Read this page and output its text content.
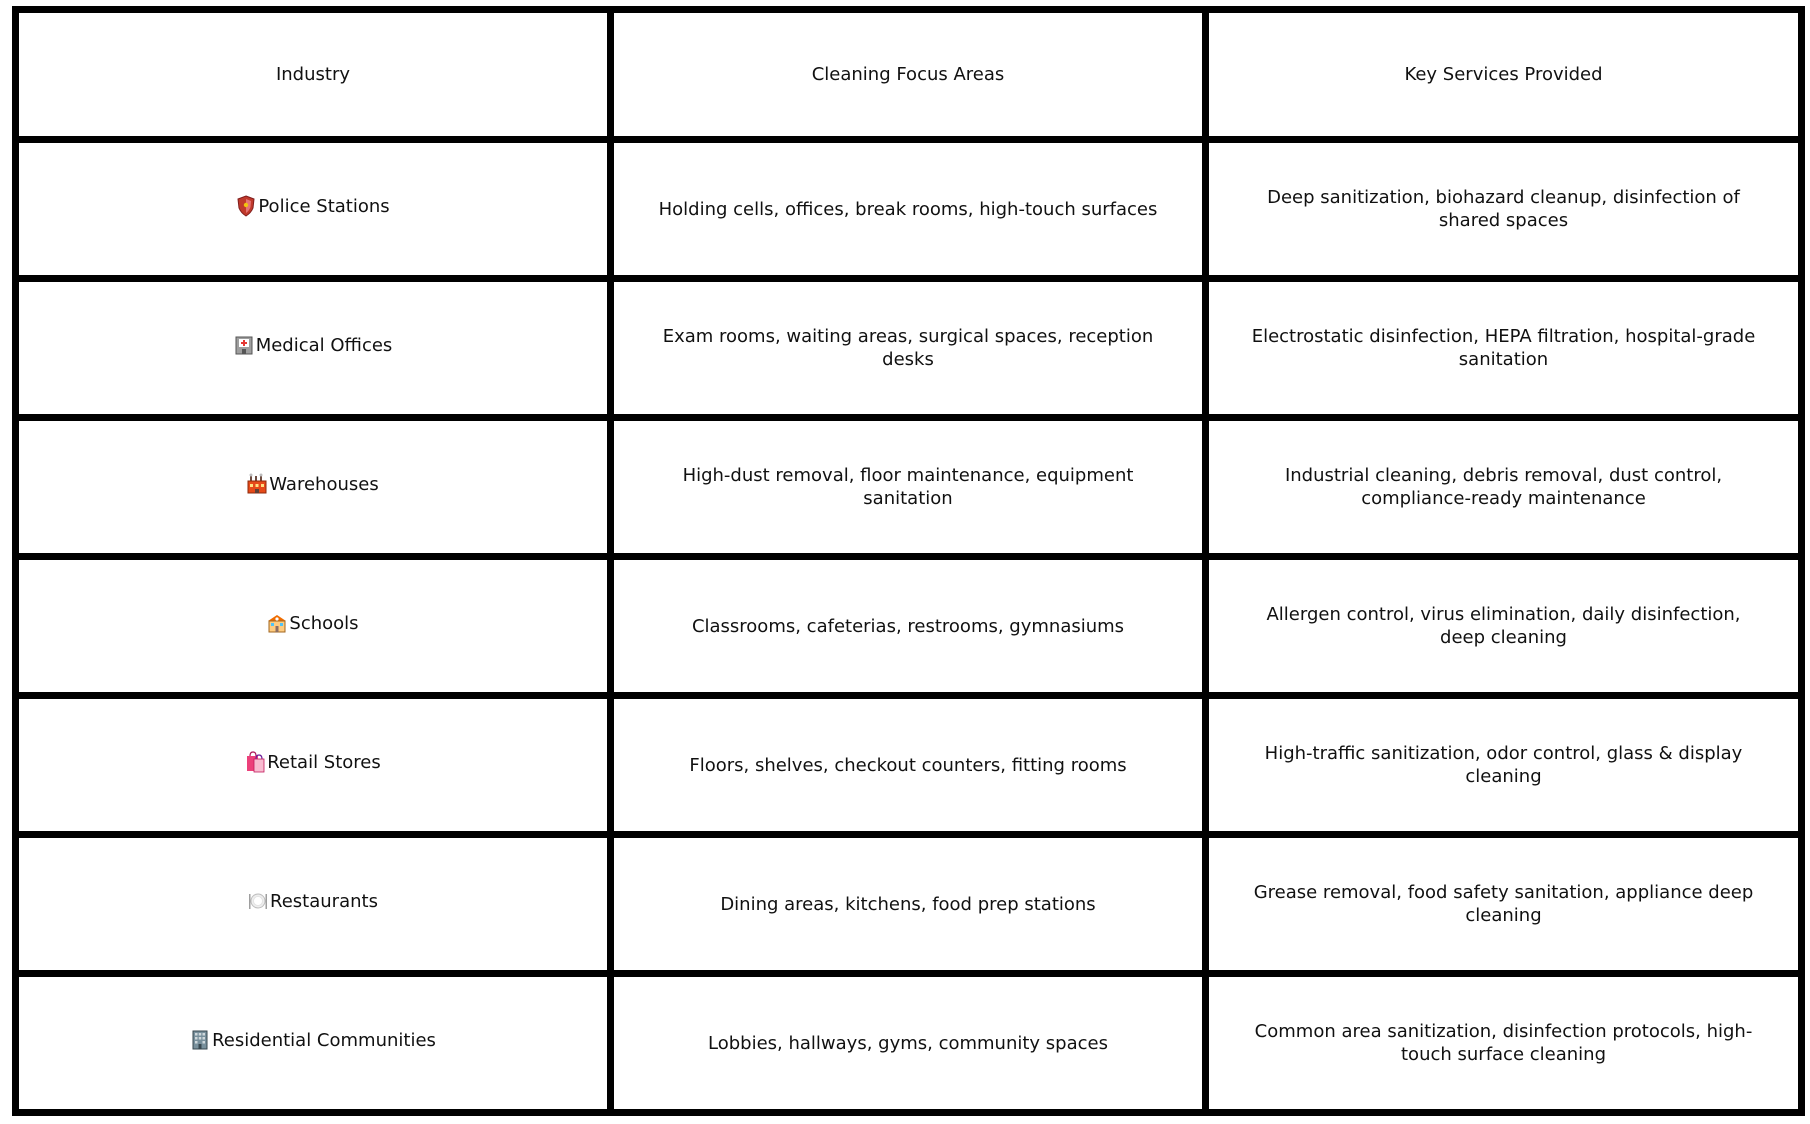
Industry	Cleaning Focus Areas	Key Services Provided

Police Stations	Holding cells, offices, break rooms, high-touch surfaces	Deep sanitization, biohazard cleanup, disinfection of shared spaces

Medical Offices	Exam rooms, waiting areas, surgical spaces, reception desks	Electrostatic disinfection, HEPA filtration, hospital-grade sanitation

Warehouses	High-dust removal, floor maintenance, equipment sanitation	Industrial cleaning, debris removal, dust control, compliance-ready maintenance

Schools	Classrooms, cafeterias, restrooms, gymnasiums	Allergen control, virus elimination, daily disinfection, deep cleaning

Retail Stores	Floors, shelves, checkout counters, fitting rooms	High-traffic sanitization, odor control, glass & display cleaning

Restaurants	Dining areas, kitchens, food prep stations	Grease removal, food safety sanitation, appliance deep cleaning

Residential Communities	Lobbies, hallways, gyms, community spaces	Common area sanitization, disinfection protocols, high-touch surface cleaning
